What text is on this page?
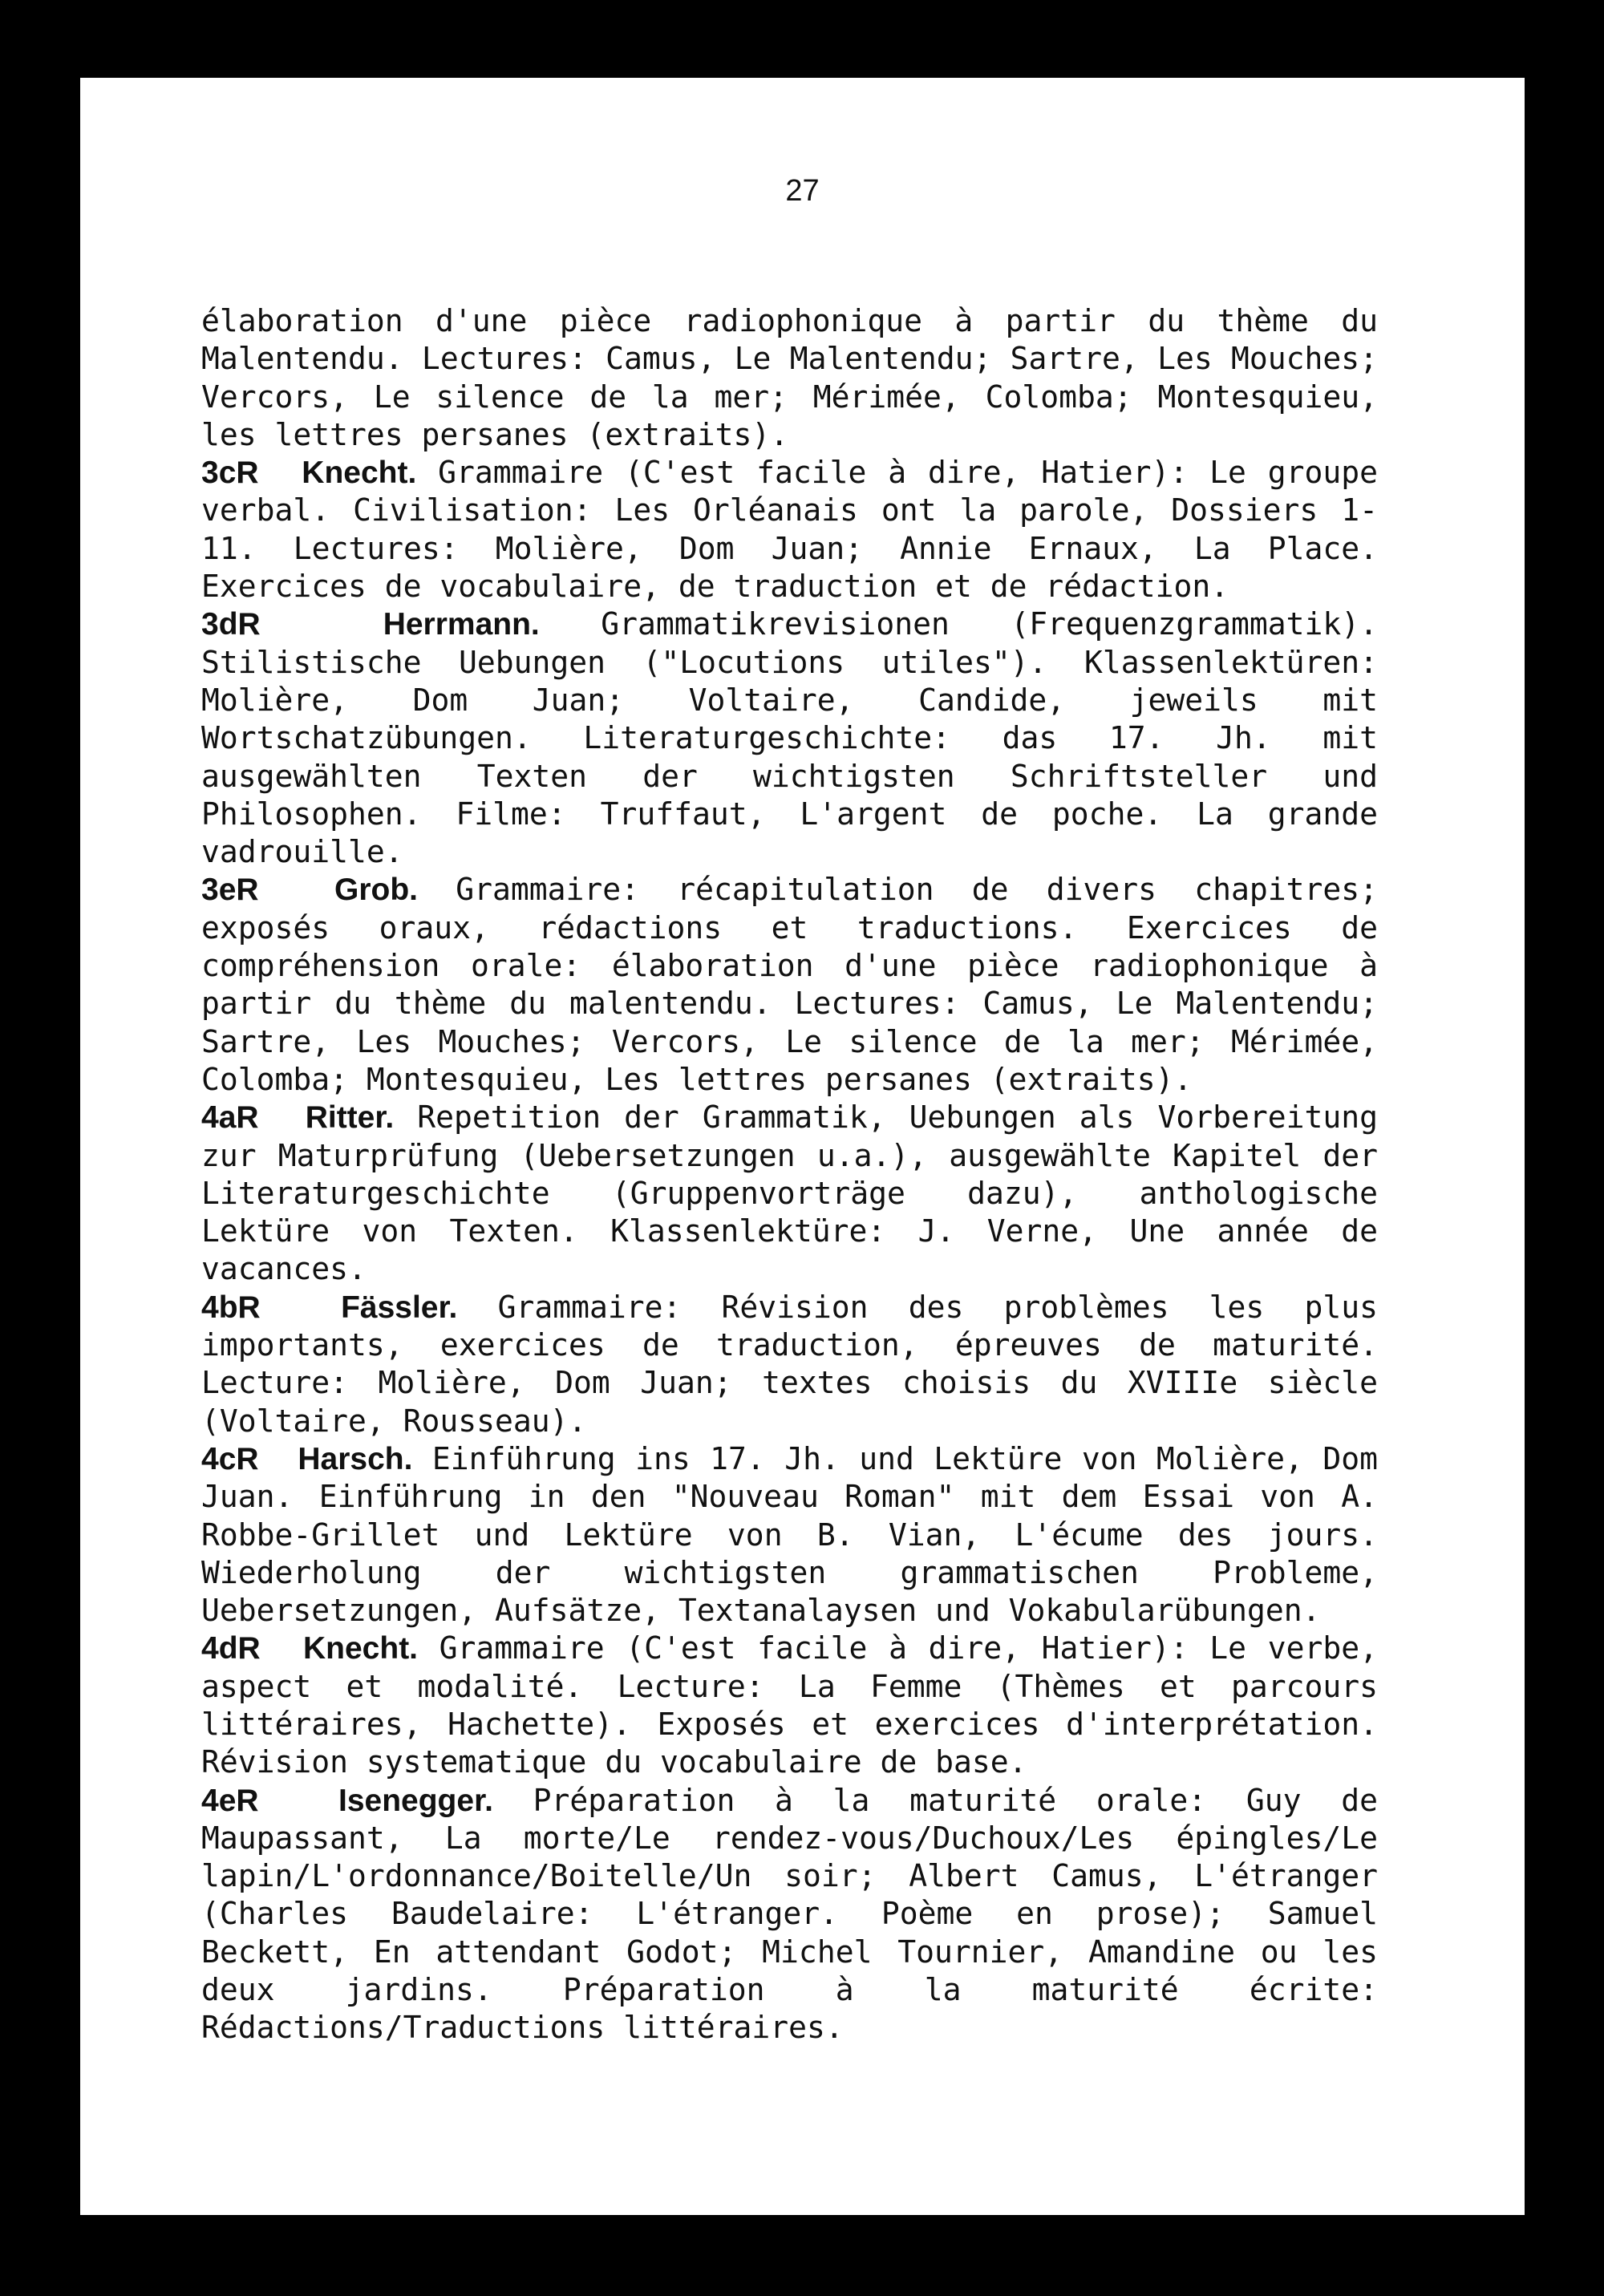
27

élaboration d'une pièce radiophonique à partir du thème du Malentendu. Lectures: Camus, Le Malentendu; Sartre, Les Mouches; Vercors, Le silence de la mer; Mérimée, Colomba; Montesquieu, les lettres persanes (extraits).

3cR Knecht. Grammaire (C'est facile à dire, Hatier): Le groupe verbal. Civilisation: Les Orléanais ont la parole, Dossiers 1-11. Lectures: Molière, Dom Juan; Annie Ernaux, La Place. Exercices de vocabulaire, de traduction et de rédaction.

3dR	Herrmann. Grammatikrevisionen (Frequenzgrammatik). Stilistische Uebungen ("Locutions utiles"). Klassenlektüren: Molière, Dom Juan; Voltaire, Candide, jeweils mit Wortschatzübungen. Literaturgeschichte: das 17. Jh. mit ausgewählten Texten der wichtigsten Schriftsteller und Philosophen. Filme: Truffaut, L'argent de poche. La grande vadrouille.

3eR Grob. Grammaire: récapitulation de divers chapitres; exposés oraux, rédactions et traductions. Exercices de compréhension orale: élaboration d'une pièce radiophonique à partir du thème du malentendu. Lectures: Camus, Le Malentendu; Sartre, Les Mouches; Vercors, Le silence de la mer; Mérimée, Colomba; Montesquieu, Les lettres persanes (extraits).

4aR Ritter. Repetition der Grammatik, Uebungen als Vorbereitung zur Maturprüfung (Uebersetzungen u.a.), ausgewählte Kapitel der Literaturgeschichte (Gruppenvorträge dazu), anthologische Lektüre von Texten. Klassenlektüre: J. Verne, Une année de vacances.

4bR	Fässler. Grammaire: Révision des problèmes les plus importants, exercices de traduction, épreuves de maturité. Lecture: Molière, Dom Juan; textes choisis du XVIIIe siècle (Voltaire, Rousseau).

4cR Harsch. Einführung ins 17. Jh. und Lektüre von Molière, Dom Juan. Einführung in den "Nouveau Roman" mit dem Essai von A. Robbe-Grillet und Lektüre von B. Vian, L'écume des jours. Wiederholung der wichtigsten grammatischen Probleme, Uebersetzungen, Aufsätze, Textanalaysen und Vokabularübungen.

4dR Knecht. Grammaire (C'est facile à dire, Hatier): Le verbe, aspect et modalité. Lecture: La Femme (Thèmes et parcours littéraires, Hachette). Exposés et exercices d'interprétation. Révision systematique du vocabulaire de base.

4eR	Isenegger. Préparation à la maturité orale: Guy de Maupassant, La morte/Le rendez-vous/Duchoux/Les épingles/Le lapin/L'ordonnance/Boitelle/Un soir; Albert Camus, L'étranger (Charles Baudelaire: L'étranger. Poème en prose); Samuel Beckett, En attendant Godot; Michel Tournier, Amandine ou les deux jardins. Préparation à la maturité écrite: Rédactions/Traductions littéraires.
